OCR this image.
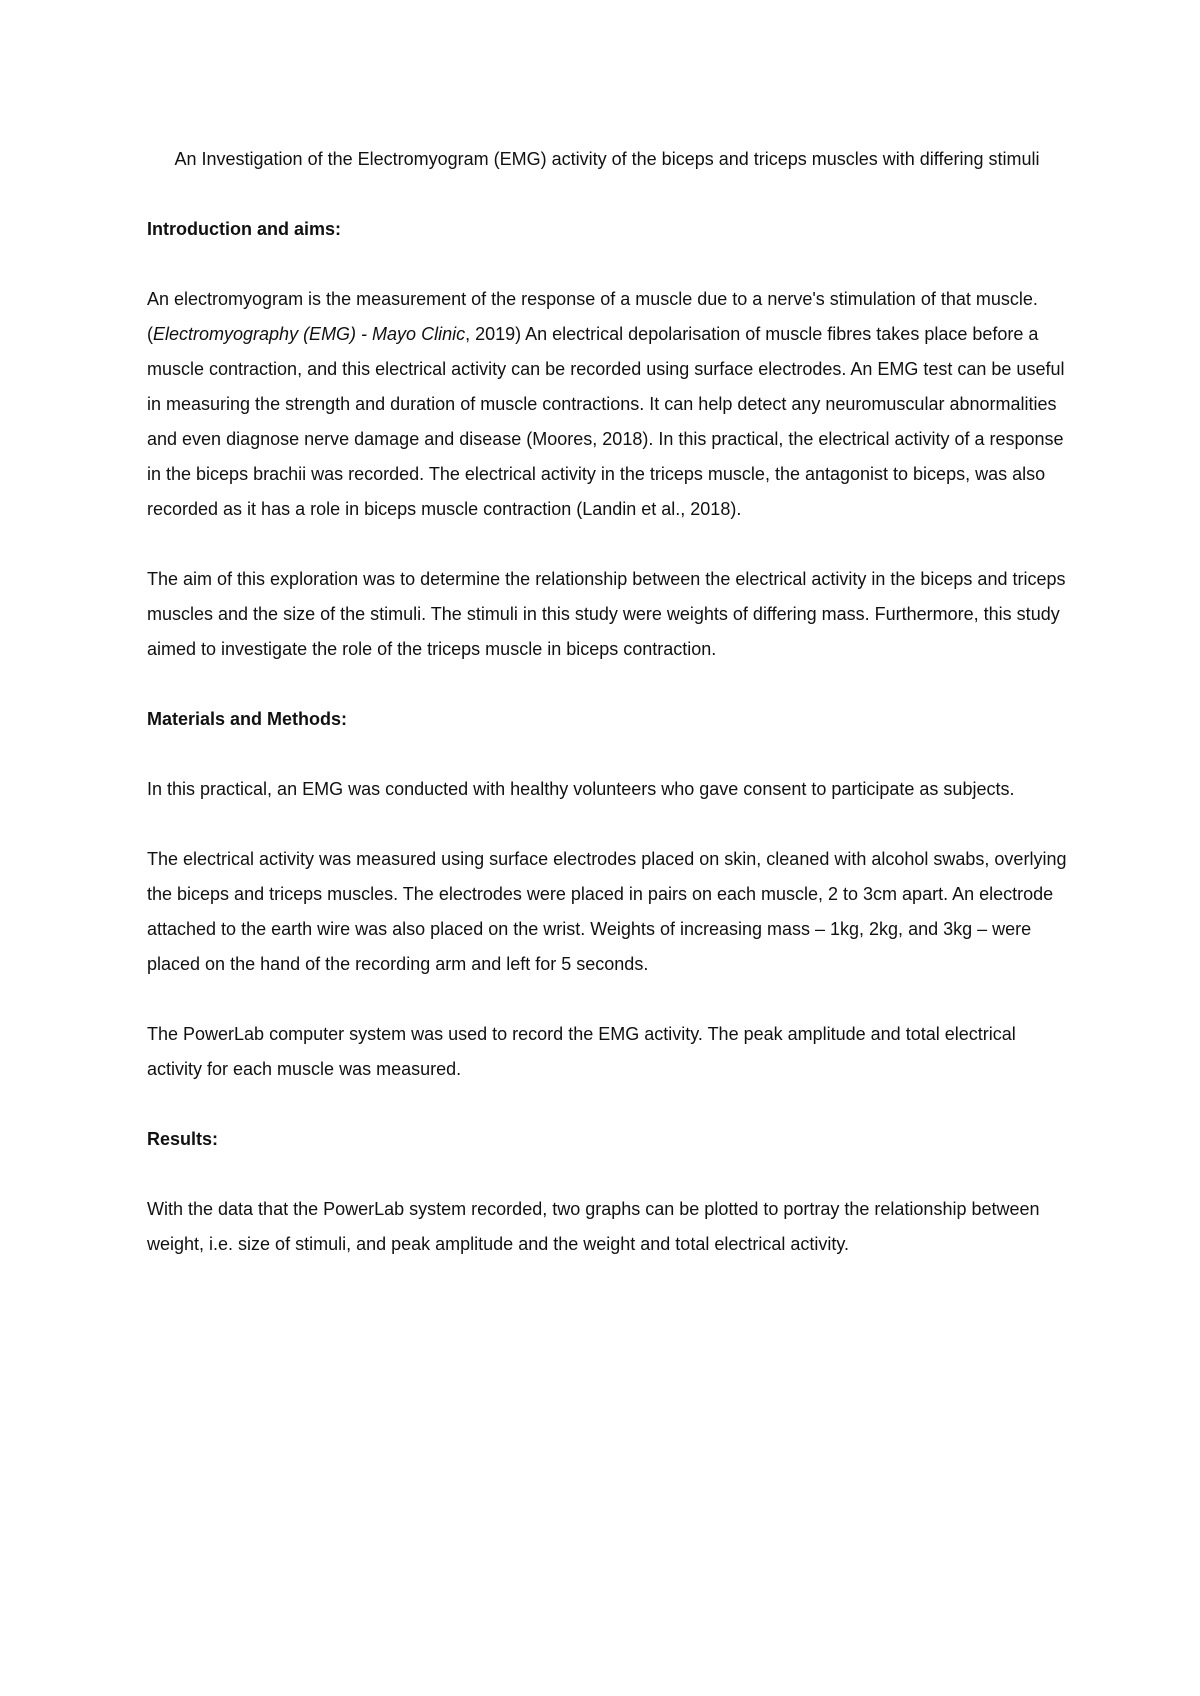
An Investigation of the Electromyogram (EMG) activity of the biceps and triceps muscles with differing stimuli
Introduction and aims:

An electromyogram is the measurement of the response of a muscle due to a nerve's stimulation of that muscle. (Electromyography (EMG) - Mayo Clinic, 2019) An electrical depolarisation of muscle fibres takes place before a muscle contraction, and this electrical activity can be recorded using surface electrodes. An EMG test can be useful in measuring the strength and duration of muscle contractions. It can help detect any neuromuscular abnormalities and even diagnose nerve damage and disease (Moores, 2018). In this practical, the electrical activity of a response in the biceps brachii was recorded. The electrical activity in the triceps muscle, the antagonist to biceps, was also recorded as it has a role in biceps muscle contraction (Landin et al., 2018).

The aim of this exploration was to determine the relationship between the electrical activity in the biceps and triceps muscles and the size of the stimuli. The stimuli in this study were weights of differing mass. Furthermore, this study aimed to investigate the role of the triceps muscle in biceps contraction.

Materials and Methods:

In this practical, an EMG was conducted with healthy volunteers who gave consent to participate as subjects.

The electrical activity was measured using surface electrodes placed on skin, cleaned with alcohol swabs, overlying the biceps and triceps muscles. The electrodes were placed in pairs on each muscle, 2 to 3cm apart. An electrode attached to the earth wire was also placed on the wrist. Weights of increasing mass – 1kg, 2kg, and 3kg – were placed on the hand of the recording arm and left for 5 seconds.

The PowerLab computer system was used to record the EMG activity. The peak amplitude and total electrical activity for each muscle was measured.

Results:

With the data that the PowerLab system recorded, two graphs can be plotted to portray the relationship between weight, i.e. size of stimuli, and peak amplitude and the weight and total electrical activity.
